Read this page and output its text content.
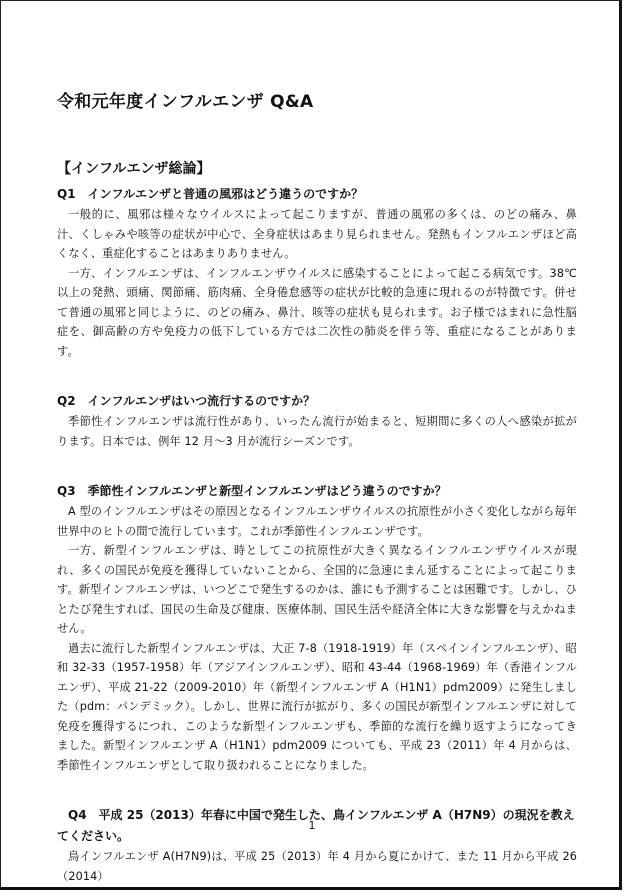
令和元年度インフルエンザ Q&A
【インフルエンザ総論】

Q1　インフルエンザと普通の風邪はどう違うのですか？

一般的に、風邪は様々なウイルスによって起こりますが、普通の風邪の多くは、のどの痛み、鼻汁、くしゃみや咳等の症状が中心で、全身症状はあまり見られません。発熱もインフルエンザほど高くなく、重症化することはあまりありません。

一方、インフルエンザは、インフルエンザウイルスに感染することによって起こる病気です。38℃以上の発熱、頭痛、関節痛、筋肉痛、全身倦怠感等の症状が比較的急速に現れるのが特徴です。併せて普通の風邪と同じように、のどの痛み、鼻汁、咳等の症状も見られます。お子様ではまれに急性脳症を、御高齢の方や免疫力の低下している方では二次性の肺炎を伴う等、重症になることがあります。

Q2　インフルエンザはいつ流行するのですか？

季節性インフルエンザは流行性があり、いったん流行が始まると、短期間に多くの人へ感染が拡がります。日本では、例年 12 月～3 月が流行シーズンです。

Q3　季節性インフルエンザと新型インフルエンザはどう違うのですか？

A 型のインフルエンザはその原因となるインフルエンザウイルスの抗原性が小さく変化しながら毎年世界中のヒトの間で流行しています。これが季節性インフルエンザです。

一方、新型インフルエンザは、時としてこの抗原性が大きく異なるインフルエンザウイルスが現れ、多くの国民が免疫を獲得していないことから、全国的に急速にまん延することによって起こります。新型インフルエンザは、いつどこで発生するのかは、誰にも予測することは困難です。しかし、ひとたび発生すれば、国民の生命及び健康、医療体制、国民生活や経済全体に大きな影響を与えかねません。

過去に流行した新型インフルエンザは、大正 7-8（1918-1919）年（スペインインフルエンザ）、昭和 32-33（1957-1958）年（アジアインフルエンザ）、昭和 43-44（1968-1969）年（香港インフルエンザ）、平成 21-22（2009-2010）年（新型インフルエンザ A（H1N1）pdm2009）に発生しました（pdm：パンデミック）。しかし、世界に流行が拡がり、多くの国民が新型インフルエンザに対して免疫を獲得するにつれ、このような新型インフルエンザも、季節的な流行を繰り返すようになってきました。新型インフルエンザ A（H1N1）pdm2009 についても、平成 23（2011）年 4 月からは、季節性インフルエンザとして取り扱われることになりました。

Q4　平成 25（2013）年春に中国で発生した、鳥インフルエンザ A（H7N9）の現況を教えてください。

鳥インフルエンザ A(H7N9)は、平成 25（2013）年 4 月から夏にかけて、また 11 月から平成 26（2014）

1
